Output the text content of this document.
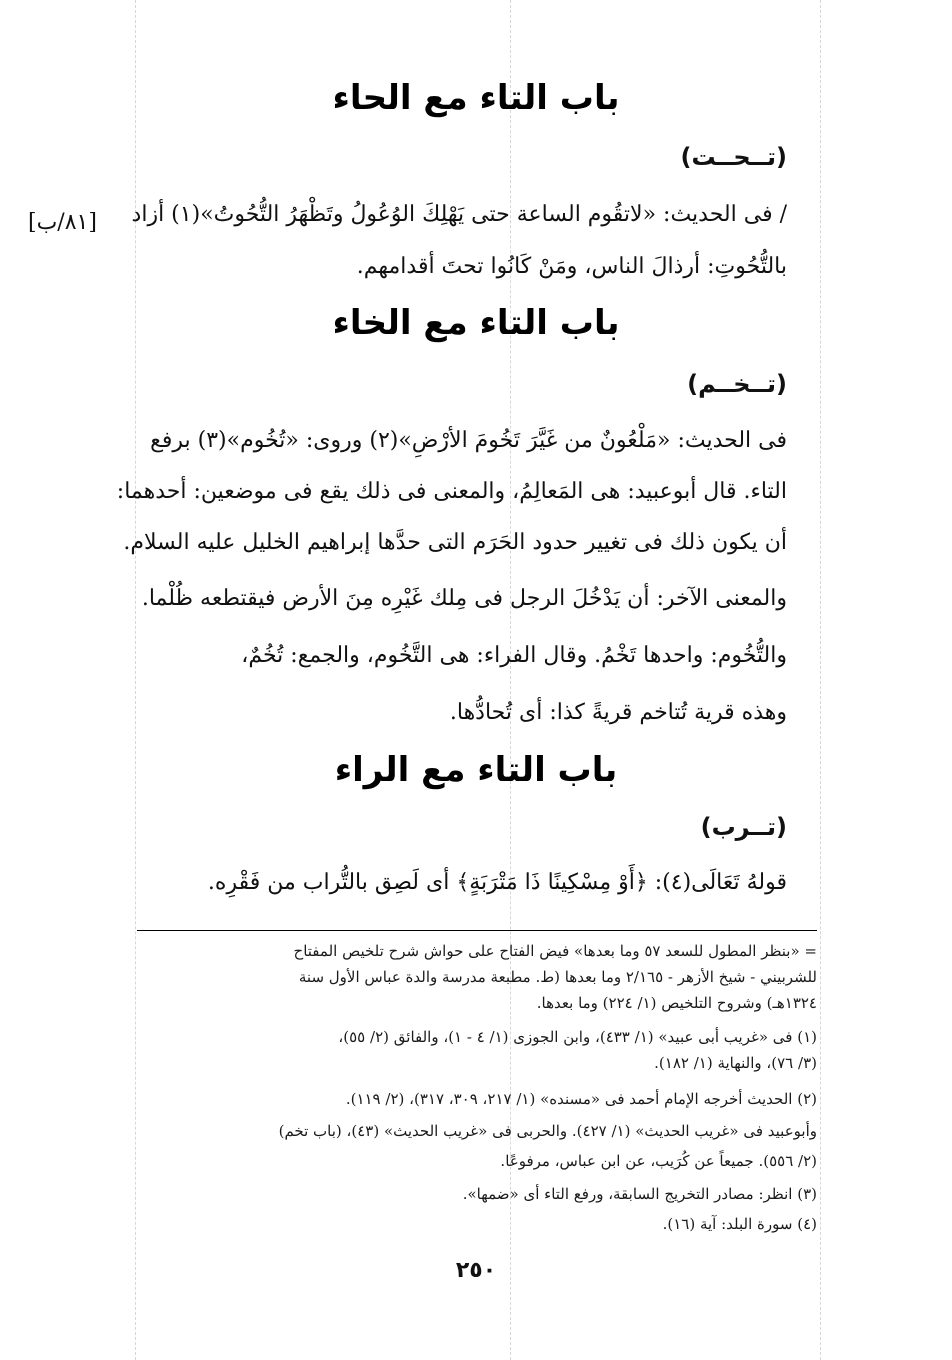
باب التاء مع الحاء
(تــحــت)
/ فى الحديث: «لاتقُوم الساعة حتى يَهْلِكَ الوُعُولُ وتَظْهَرُ التُّحُوتُ»(١) أزاد
[٨١/ب]
بالتُّحُوتِ: أرذالَ الناس، ومَنْ كَانُوا تحتَ أقدامهم.
باب التاء مع الخاء
(تــخــم)
فى الحديث: «مَلْعُونٌ من غَيَّرَ تَخُومَ الأرْضِ»(٢) وروى: «تُخُوم»(٣) برفع
التاء. قال أبوعبيد: هى المَعالِمُ، والمعنى فى ذلك يقع فى موضعين: أحدهما:
أن يكون ذلك فى تغيير حدود الحَرَم التى حدَّها إبراهيم الخليل عليه السلام.
والمعنى الآخر: أن يَدْخُلَ الرجل فى مِلك غَيْرِه مِنَ الأرض فيقتطعه ظُلْما.
والتُّخُوم: واحدها تَخْمُ. وقال الفراء: هى التَّخُوم، والجمع: تُخُمٌ،
وهذه قرية تُتاخم قريةً كذا: أى تُحادُّها.
باب التاء مع الراء
(تــرب)
قولهُ تَعَالَى(٤): ﴿أَوْ مِسْكِينًا ذَا مَتْرَبَةٍ﴾ أى لَصِق بالتُّراب من فَقْرِه.
= «بنظر المطول للسعد ٥٧ وما بعدها» فيض الفتاح على حواش شرح تلخيص المفتاح
للشربيني - شيخ الأزهر - ٢/١٦٥ وما بعدها (ط. مطبعة مدرسة والدة عباس الأول سنة
١٣٢٤هـ) وشروح التلخيص (١/ ٢٢٤) وما بعدها.
(١) فى «غريب أبى عبيد» (١/ ٤٣٣)، وابن الجوزى (١/ ٤ - ١)، والفائق (٢/ ٥٥)،
(٣/ ٧٦)، والنهاية (١/ ١٨٢).
(٢) الحديث أخرجه الإمام أحمد فى «مسنده» (١/ ٢١٧، ٣٠٩، ٣١٧)، (٢/ ١١٩).
وأبوعبيد فى «غريب الحديث» (١/ ٤٢٧). والحربى فى «غريب الحديث» (٤٣)، (باب تخم)
(٢/ ٥٥٦). جميعاً عن كُرَيب، عن ابن عباس، مرفوعًا.
(٣) انظر: مصادر التخريج السابقة، ورفع التاء أى «ضمها».
(٤) سورة البلد: آية (١٦).
٢٥٠
